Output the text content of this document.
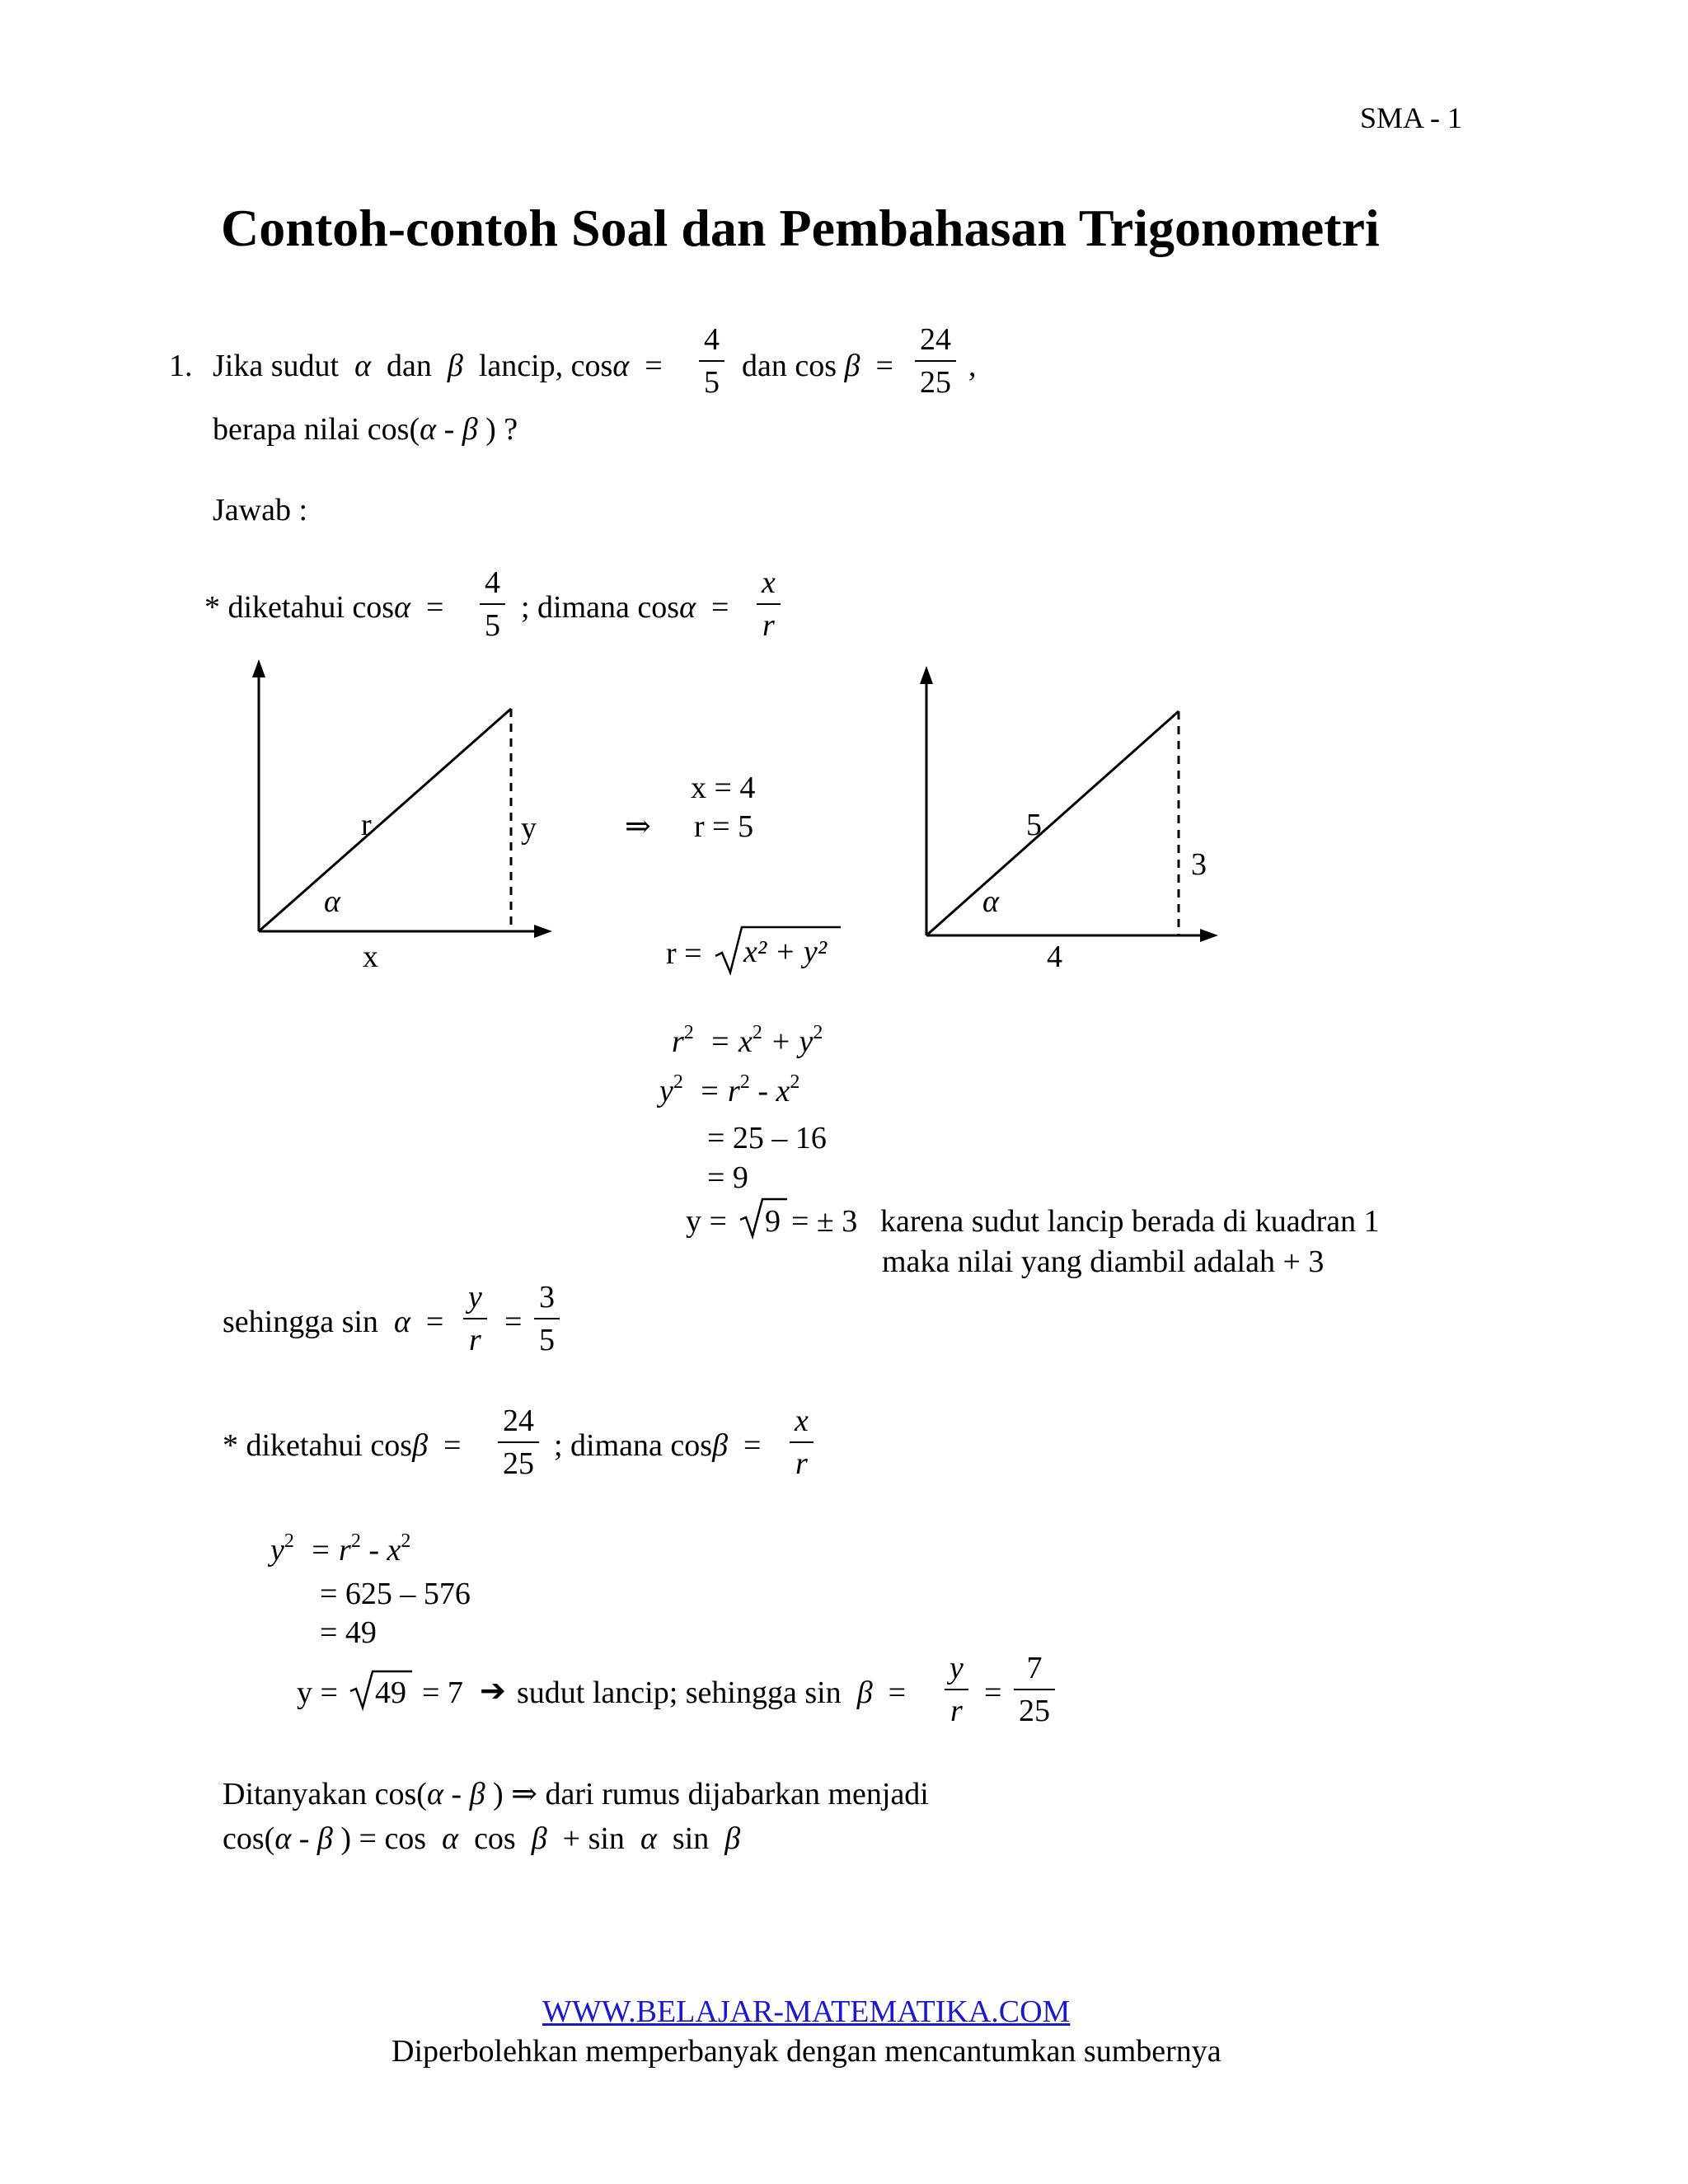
SMA - 1
Contoh-contoh Soal dan Pembahasan Trigonometri
1. Jika sudut α dan β lancip, cosα =
4
5 dan cos β =
24
25 ,
berapa nilai cos(α - β ) ?
Jawab :
* diketahui cosα =
4
5
; dimana cosα =
x
r
r	y
α
x
⇒
x = 4
r = 5
r = x² + y²
5
3
α
4
$r^2 = x^2 + y^2$
$y^2 = r^2 - x^2$
= 25 – 16
= 9
y = 9 = ± 3 karena sudut lancip berada di kuadran 1
maka nilai yang diambil adalah + 3
sehingga sin α =
y
r
=
3
5
* diketahui cosβ =
24
25
; dimana cosβ =
x
r
$y^2 = r^2 - x^2$
= 625 – 576
= 49
y = 49 = 7 ➔ sudut lancip; sehingga sin β =
y
r
=
7
25
Ditanyakan cos(α - β ) ⇒ dari rumus dijabarkan menjadi
cos(α - β ) = cos α cos β + sin α sin β
WWW.BELAJAR-MATEMATIKA.COM
Diperbolehkan memperbanyak dengan mencantumkan sumbernya
